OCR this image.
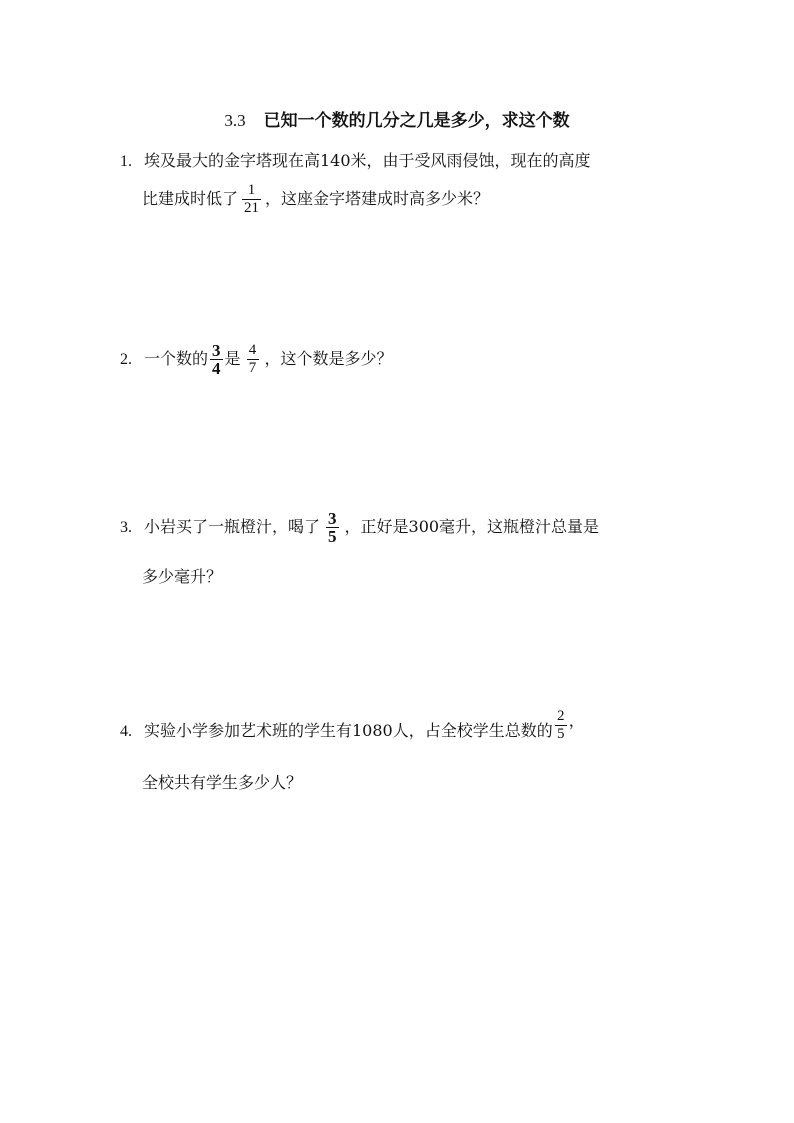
3.3 已知一个数的几分之几是多少，求这个数
1. 埃及最大的金字塔现在高140米，由于受风雨侵蚀，现在的高度
比建成时低了 $\frac{1}{21}$ ，这座金字塔建成时高多少米？
2. 一个数的 $\frac{3}{4}$ 是 $\frac{4}{7}$ ，这个数是多少？
3. 小岩买了一瓶橙汁，喝了 $\frac{3}{5}$ ，正好是300毫升，这瓶橙汁总量是
多少毫升？
4. 实验小学参加艺术班的学生有1080人，占全校学生总数的 $\frac{2}{5}$ ，
全校共有学生多少人？
